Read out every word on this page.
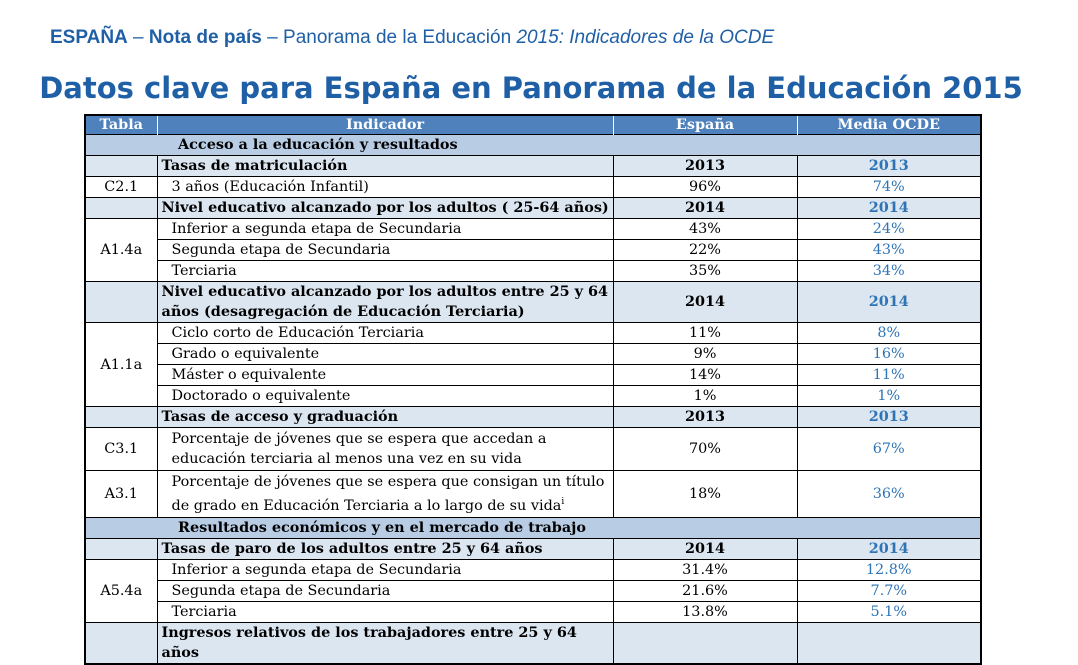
ESPAÑA – Nota de país – Panorama de la Educación 2015: Indicadores de la OCDE
Datos clave para España en Panorama de la Educación 2015
Tabla	Indicador	España	Media OCDE
Acceso a la educación y resultados			
	Tasas de matriculación	2013	2013
C2.1	3 años (Educación Infantil)	96%	74%
	Nivel educativo alcanzado por los adultos ( 25-64 años)	2014	2014
A1.4a	Inferior a segunda etapa de Secundaria	43%	24%
	Segunda etapa de Secundaria	22%	43%
	Terciaria	35%	34%
	Nivel educativo alcanzado por los adultos entre 25 y 64 años (desagregación de Educación Terciaria)	2014	2014
A1.1a	Ciclo corto de Educación Terciaria	11%	8%
	Grado o equivalente	9%	16%
	Máster o equivalente	14%	11%
	Doctorado o equivalente	1%	1%
	Tasas de acceso y graduación	2013	2013
C3.1	Porcentaje de jóvenes que se espera que accedan a educación terciaria al menos una vez en su vida	70%	67%
A3.1	Porcentaje de jóvenes que se espera que consigan un título de grado en Educación Terciaria a lo largo de su vida$^i$	18%	36%
Resultados económicos y en el mercado de trabajo			
	Tasas de paro de los adultos entre 25 y 64 años	2014	2014
A5.4a	Inferior a segunda etapa de Secundaria	31.4%	12.8%
	Segunda etapa de Secundaria	21.6%	7.7%
	Terciaria	13.8%	5.1%
	Ingresos relativos de los trabajadores entre 25 y 64 años		
